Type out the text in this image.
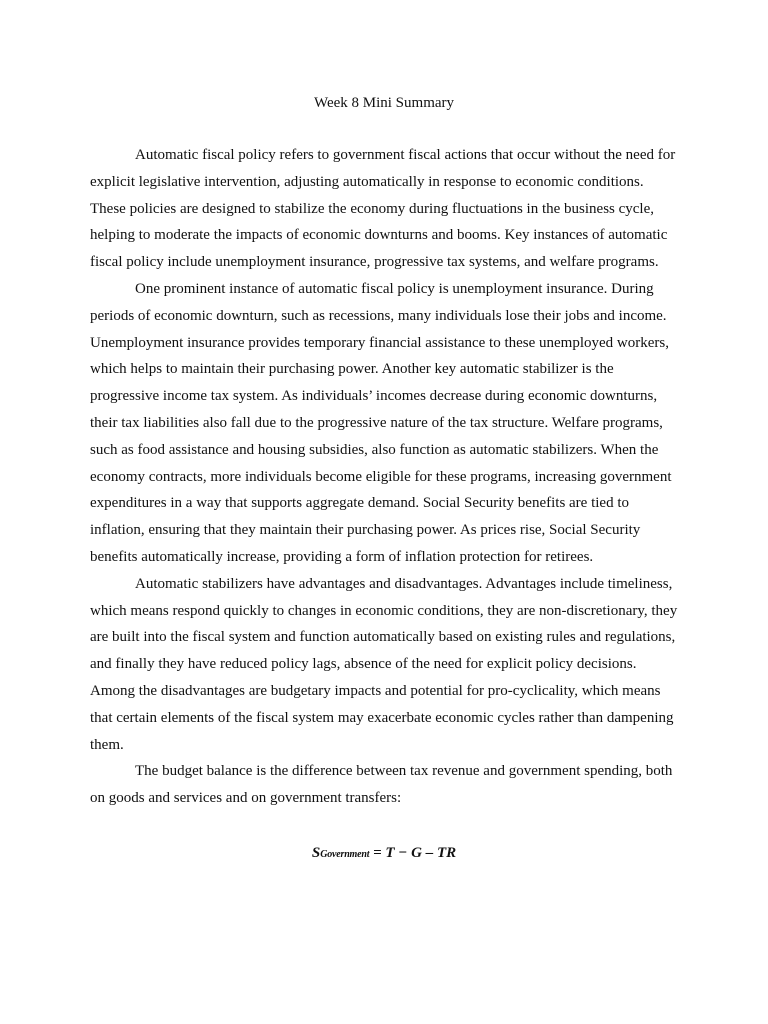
Week 8 Mini Summary

Automatic fiscal policy refers to government fiscal actions that occur without the need for explicit legislative intervention, adjusting automatically in response to economic conditions. These policies are designed to stabilize the economy during fluctuations in the business cycle, helping to moderate the impacts of economic downturns and booms. Key instances of automatic fiscal policy include unemployment insurance, progressive tax systems, and welfare programs.

One prominent instance of automatic fiscal policy is unemployment insurance. During periods of economic downturn, such as recessions, many individuals lose their jobs and income. Unemployment insurance provides temporary financial assistance to these unemployed workers, which helps to maintain their purchasing power. Another key automatic stabilizer is the progressive income tax system. As individuals’ incomes decrease during economic downturns, their tax liabilities also fall due to the progressive nature of the tax structure. Welfare programs, such as food assistance and housing subsidies, also function as automatic stabilizers. When the economy contracts, more individuals become eligible for these programs, increasing government expenditures in a way that supports aggregate demand. Social Security benefits are tied to inflation, ensuring that they maintain their purchasing power. As prices rise, Social Security benefits automatically increase, providing a form of inflation protection for retirees.

Automatic stabilizers have advantages and disadvantages. Advantages include timeliness, which means respond quickly to changes in economic conditions, they are non-discretionary, they are built into the fiscal system and function automatically based on existing rules and regulations, and finally they have reduced policy lags, absence of the need for explicit policy decisions. Among the disadvantages are budgetary impacts and potential for pro-cyclicality, which means that certain elements of the fiscal system may exacerbate economic cycles rather than dampening them.

The budget balance is the difference between tax revenue and government spending, both on goods and services and on government transfers:

SGovernment = T − G – TR
